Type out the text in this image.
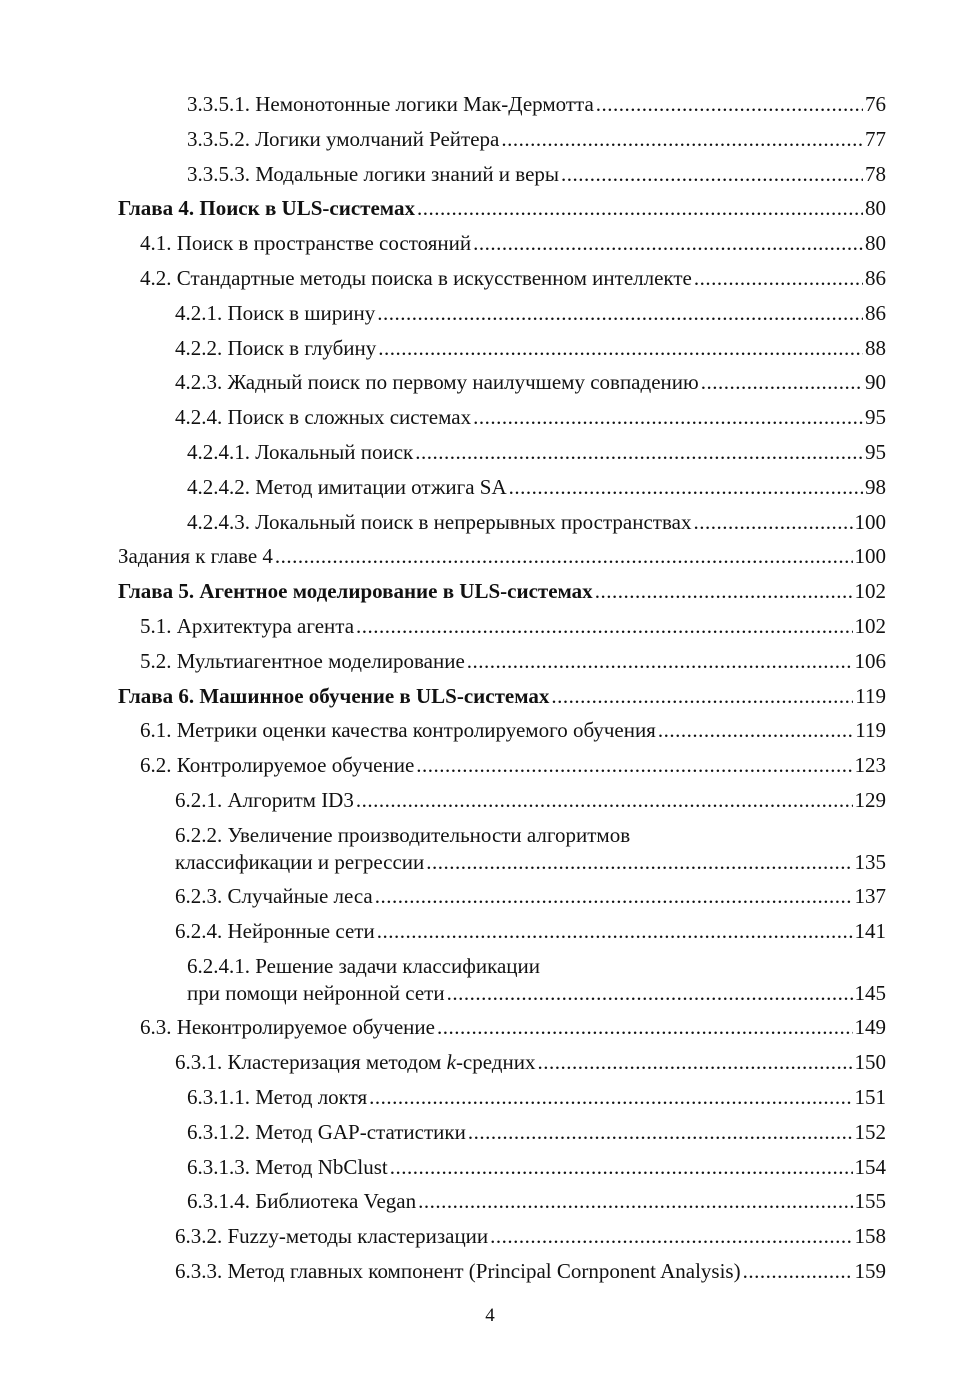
3.3.5.1. Немонотонные логики Мак-Дермотта .....	76
3.3.5.2. Логики умолчаний Рейтера .....	77
3.3.5.3. Модальные логики знаний и веры .....	78
Глава 4. Поиск в ULS-системах .....	80
4.1. Поиск в пространстве состояний .....	80
4.2. Стандартные методы поиска в искусственном интеллекте .....	86
4.2.1. Поиск в ширину .....	86
4.2.2. Поиск в глубину .....	88
4.2.3. Жадный поиск по первому наилучшему совпадению .....	90
4.2.4. Поиск в сложных системах .....	95
4.2.4.1. Локальный поиск .....	95
4.2.4.2. Метод имитации отжига SA .....	98
4.2.4.3. Локальный поиск в непрерывных пространствах .....	100
Задания к главе 4 .....	100
Глава 5. Агентное моделирование в ULS-системах .....	102
5.1. Архитектура агента .....	102
5.2. Мультиагентное моделирование .....	106
Глава 6. Машинное обучение в ULS-системах .....	119
6.1. Метрики оценки качества контролируемого обучения .....	119
6.2. Контролируемое обучение .....	123
6.2.1. Алгоритм ID3 .....	129
6.2.2. Увеличение производительности алгоритмов
классификации и регрессии .....	135
6.2.3. Случайные леса .....	137
6.2.4. Нейронные сети .....	141
6.2.4.1. Решение задачи классификации
при помощи нейронной сети .....	145
6.3. Неконтролируемое обучение .....	149
6.3.1. Кластеризация методом k-средних .....	150
6.3.1.1. Метод локтя .....	151
6.3.1.2. Метод GAP-статистики .....	152
6.3.1.3. Метод NbClust .....	154
6.3.1.4. Библиотека Vegan .....	155
6.3.2. Fuzzy-методы кластеризации .....	158
6.3.3. Метод главных компонент (Principal Cornponent Analysis) .....	159
4
